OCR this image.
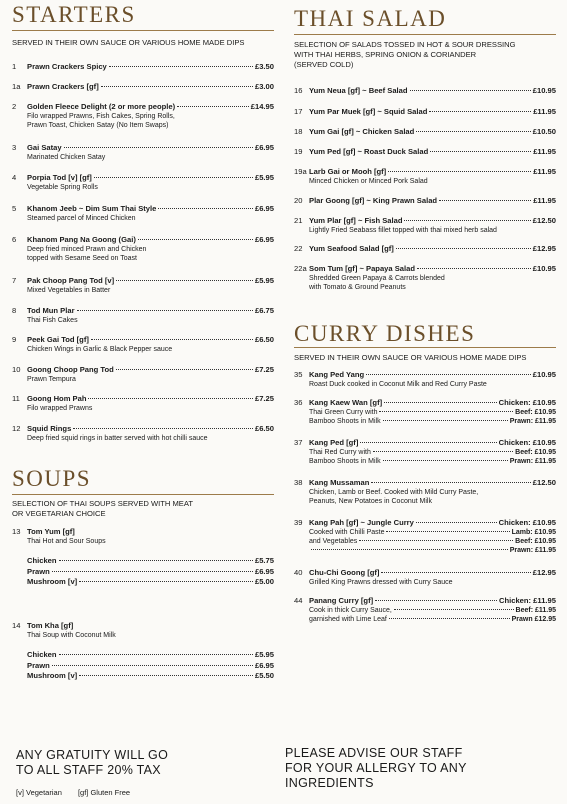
STARTERS
SERVED IN THEIR OWN SAUCE OR VARIOUS HOME MADE DIPS
1	Prawn Crackers Spicy	£3.50
1a Prawn Crackers [gf]	£3.00
2	Golden Fleece Delight (2 or more people)	£14.95
Filo wrapped Prawns, Fish Cakes, Spring Rolls,
Prawn Toast, Chicken Satay (No Item Swaps)
3	Gai Satay	£6.95
Marinated Chicken Satay
4	Porpia Tod [v] [gf]	£5.95
Vegetable Spring Rolls
5	Khanom Jeeb ~ Dim Sum Thai Style	£6.95
Steamed parcel of Minced Chicken
6	Khanom Pang Na Goong (Gai)	£6.95
Deep fried minced Prawn and Chicken
topped with Sesame Seed on Toast
7	Pak Choop Pang Tod [v]	£5.95
Mixed Vegetables in Batter
8	Tod Mun Plar	£6.75
Thai Fish Cakes
9	Peek Gai Tod [gf]	£6.50
Chicken Wings in Garlic & Black Pepper sauce
10 Goong Choop Pang Tod	£7.25
Prawn Tempura
11 Goong Hom Pah	£7.25
Filo wrapped Prawns
12 Squid Rings	£6.50
Deep fried squid rings in batter served with hot chilli sauce
SOUPS
SELECTION OF THAI SOUPS SERVED WITH MEAT
OR VEGETARIAN CHOICE
13 Tom Yum [gf]
Thai Hot and Sour Soups
Chicken	£5.75
Prawn	£6.95
Mushroom [v]	£5.00
14 Tom Kha [gf]
Thai Soup with Coconut Milk
Chicken	£5.95
Prawn	£6.95
Mushroom [v]	£5.50
THAI SALAD
SELECTION OF SALADS TOSSED IN HOT & SOUR DRESSING
WITH THAI HERBS, SPRING ONION & CORIANDER
(SERVED COLD)
16 Yum Neua [gf] ~ Beef Salad	£10.95
17 Yum Par Muek [gf] ~ Squid Salad	£11.95
18 Yum Gai [gf] ~ Chicken Salad	£10.50
19 Yum Ped [gf] ~ Roast Duck Salad	£11.95
19a Larb Gai or Mooh [gf]	£11.95
Minced Chicken or Minced Pork Salad
20 Plar Goong [gf] ~ King Prawn Salad	£11.95
21 Yum Plar [gf] ~ Fish Salad	£12.50
Lightly Fried Seabass fillet topped with thai mixed herb salad
22 Yum Seafood Salad [gf]	£12.95
22a Som Tum [gf] ~ Papaya Salad	£10.95
Shredded Green Papaya & Carrots blended
with Tomato & Ground Peanuts
CURRY DISHES
SERVED IN THEIR OWN SAUCE OR VARIOUS HOME MADE DIPS
35 Kang Ped Yang	£10.95
Roast Duck cooked in Coconut Milk and Red Curry Paste
36 Kang Kaew Wan [gf]	Chicken: £10.95
Thai Green Curry with	Beef: £10.95
Bamboo Shoots in Milk	Prawn: £11.95
37 Kang Ped [gf]	Chicken: £10.95
Thai Red Curry with	Beef: £10.95
Bamboo Shoots in Milk	Prawn: £11.95
38 Kang Mussaman	£12.50
Chicken, Lamb or Beef. Cooked with Mild Curry Paste,
Peanuts, New Potatoes in Coconut Milk
39 Kang Pah [gf] ~ Jungle Curry	Chicken: £10.95
Cooked with Chilli Paste	Lamb: £10.95
and Vegetables	Beef: £10.95
Prawn: £11.95
40 Chu-Chi Goong [gf]	£12.95
Grilled King Prawns dressed with Curry Sauce
44 Panang Curry [gf]	Chicken: £11.95
Cook in thick Curry Sauce,	Beef: £11.95
garnished with Lime Leaf	Prawn £12.95
ANY GRATUITY WILL GO
TO ALL STAFF 20% TAX
PLEASE ADVISE OUR STAFF
FOR YOUR ALLERGY TO ANY
INGREDIENTS
[v] Vegetarian [gf] Gluten Free
